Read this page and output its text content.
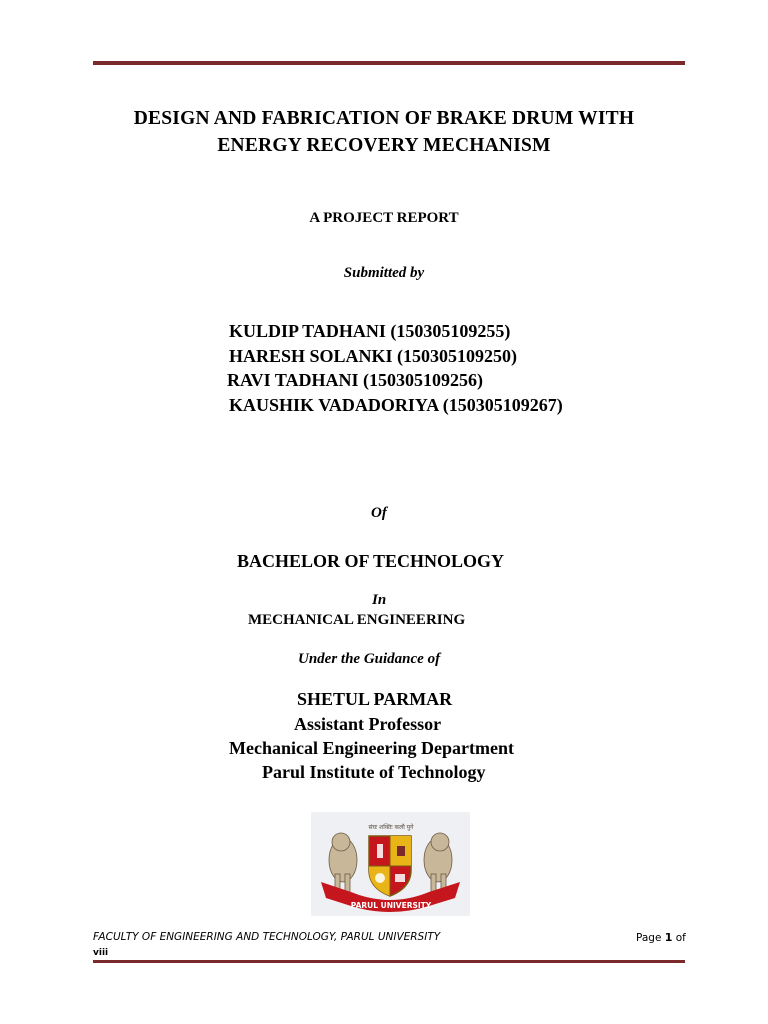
DESIGN AND FABRICATION OF BRAKE DRUM WITH
ENERGY RECOVERY MECHANISM
A PROJECT REPORT
Submitted by
KULDIP TADHANI (150305109255)
HARESH SOLANKI (150305109250)
RAVI TADHANI (150305109256)
KAUSHIK VADADORIYA (150305109267)
Of
BACHELOR OF TECHNOLOGY
In
MECHANICAL ENGINEERING
Under the Guidance of
SHETUL PARMAR
Assistant Professor
Mechanical Engineering Department
Parul Institute of Technology
संघः शक्तिः कलौ युगे
PARUL UNIVERSITY
FACULTY OF ENGINEERING AND TECHNOLOGY, PARUL UNIVERSITY	Page 1 of
viii
